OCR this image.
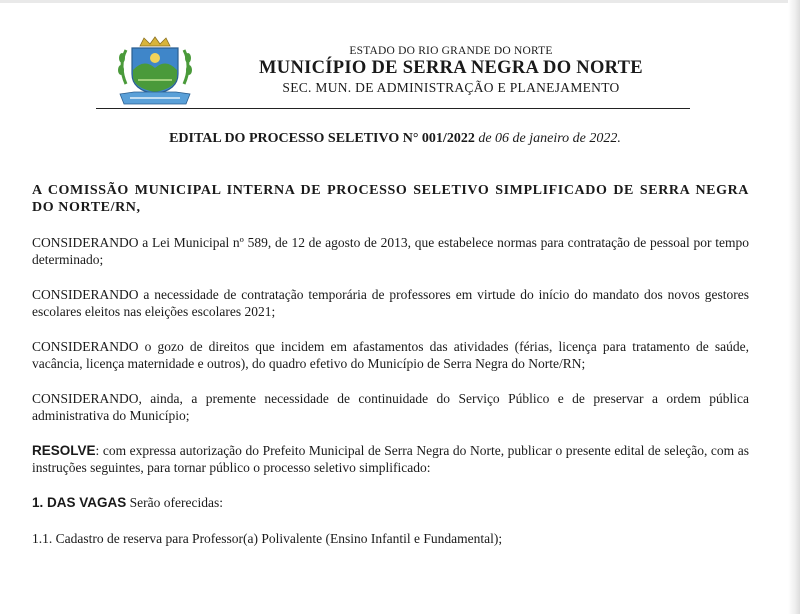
ESTADO DO RIO GRANDE DO NORTE
MUNICÍPIO DE SERRA NEGRA DO NORTE
SEC. MUN. DE ADMINISTRAÇÃO E PLANEJAMENTO
EDITAL DO PROCESSO SELETIVO N° 001/2022 de 06 de janeiro de 2022.

A COMISSÃO MUNICIPAL INTERNA DE PROCESSO SELETIVO SIMPLIFICADO DE SERRA NEGRA DO NORTE/RN,

CONSIDERANDO a Lei Municipal nº 589, de 12 de agosto de 2013, que estabelece normas para contratação de pessoal por tempo determinado;

CONSIDERANDO a necessidade de contratação temporária de professores em virtude do início do mandato dos novos gestores escolares eleitos nas eleições escolares 2021;

CONSIDERANDO o gozo de direitos que incidem em afastamentos das atividades (férias, licença para tratamento de saúde, vacância, licença maternidade e outros), do quadro efetivo do Município de Serra Negra do Norte/RN;

CONSIDERANDO, ainda, a premente necessidade de continuidade do Serviço Público e de preservar a ordem pública administrativa do Município;

RESOLVE: com expressa autorização do Prefeito Municipal de Serra Negra do Norte, publicar o presente edital de seleção, com as instruções seguintes, para tornar público o processo seletivo simplificado:

1. DAS VAGAS Serão oferecidas:

1.1. Cadastro de reserva para Professor(a) Polivalente (Ensino Infantil e Fundamental);
